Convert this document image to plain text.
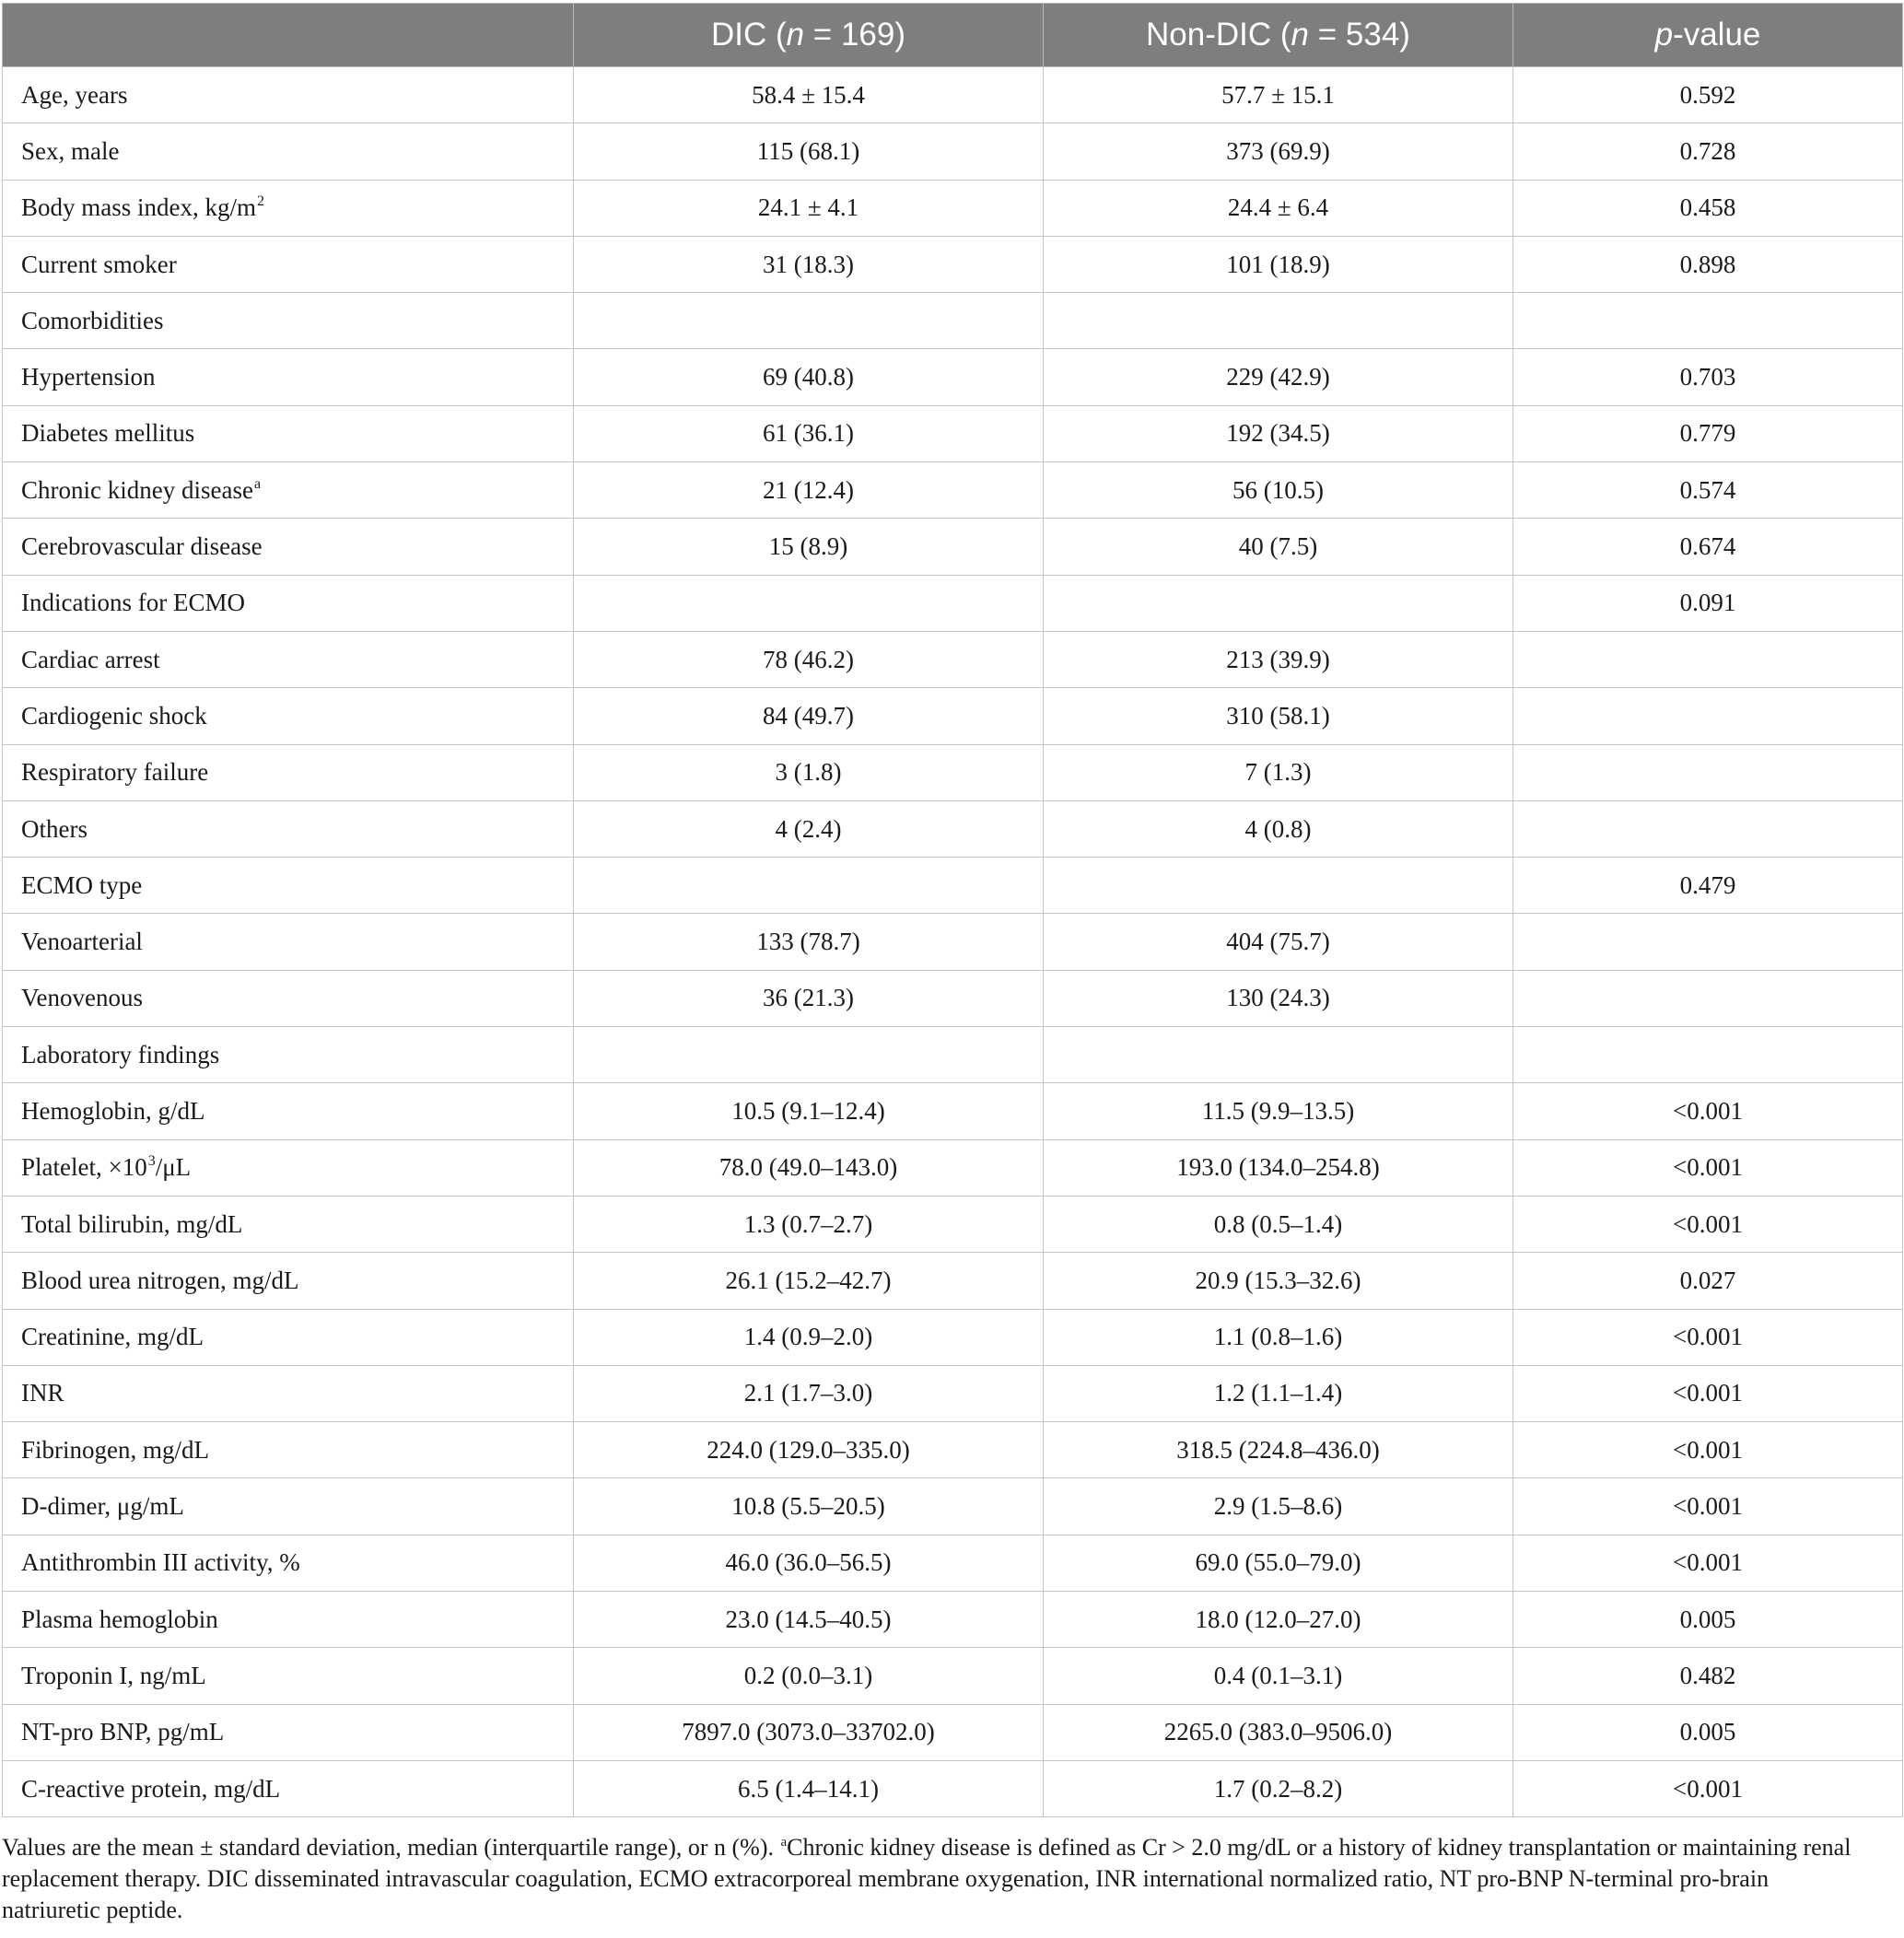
	DIC (n = 169)	Non-DIC (n = 534)	p-value
Age, years	58.4 ± 15.4	57.7 ± 15.1	0.592
Sex, male	115 (68.1)	373 (69.9)	0.728
Body mass index, $kg/m^2$	24.1 ± 4.1	24.4 ± 6.4	0.458
Current smoker	31 (18.3)	101 (18.9)	0.898
Comorbidities			
Hypertension	69 (40.8)	229 (42.9)	0.703
Diabetes mellitus	61 (36.1)	192 (34.5)	0.779
Chronic kidney disease$^a$	21 (12.4)	56 (10.5)	0.574
Cerebrovascular disease	15 (8.9)	40 (7.5)	0.674
Indications for ECMO			0.091
Cardiac arrest	78 (46.2)	213 (39.9)	
Cardiogenic shock	84 (49.7)	310 (58.1)	
Respiratory failure	3 (1.8)	7 (1.3)	
Others	4 (2.4)	4 (0.8)	
ECMO type			0.479
Venoarterial	133 (78.7)	404 (75.7)	
Venovenous	36 (21.3)	130 (24.3)	
Laboratory findings			
Hemoglobin, g/dL	10.5 (9.1–12.4)	11.5 (9.9–13.5)	<0.001
Platelet, $\times 10^3/\mu L$	78.0 (49.0–143.0)	193.0 (134.0–254.8)	<0.001
Total bilirubin, mg/dL	1.3 (0.7–2.7)	0.8 (0.5–1.4)	<0.001
Blood urea nitrogen, mg/dL	26.1 (15.2–42.7)	20.9 (15.3–32.6)	0.027
Creatinine, mg/dL	1.4 (0.9–2.0)	1.1 (0.8–1.6)	<0.001
INR	2.1 (1.7–3.0)	1.2 (1.1–1.4)	<0.001
Fibrinogen, mg/dL	224.0 (129.0–335.0)	318.5 (224.8–436.0)	<0.001
D-dimer, μg/mL	10.8 (5.5–20.5)	2.9 (1.5–8.6)	<0.001
Antithrombin III activity, %	46.0 (36.0–56.5)	69.0 (55.0–79.0)	<0.001
Plasma hemoglobin	23.0 (14.5–40.5)	18.0 (12.0–27.0)	0.005
Troponin I, ng/mL	0.2 (0.0–3.1)	0.4 (0.1–3.1)	0.482
NT-pro BNP, pg/mL	7897.0 (3073.0–33702.0)	2265.0 (383.0–9506.0)	0.005
C-reactive protein, mg/dL	6.5 (1.4–14.1)	1.7 (0.2–8.2)	<0.001
Values are the mean ± standard deviation, median (interquartile range), or n (%). $^a$Chronic kidney disease is defined as Cr > 2.0 mg/dL or a history of kidney transplantation or maintaining renal replacement therapy. DIC disseminated intravascular coagulation, ECMO extracorporeal membrane oxygenation, INR international normalized ratio, NT pro-BNP N-terminal pro-brain natriuretic peptide.
